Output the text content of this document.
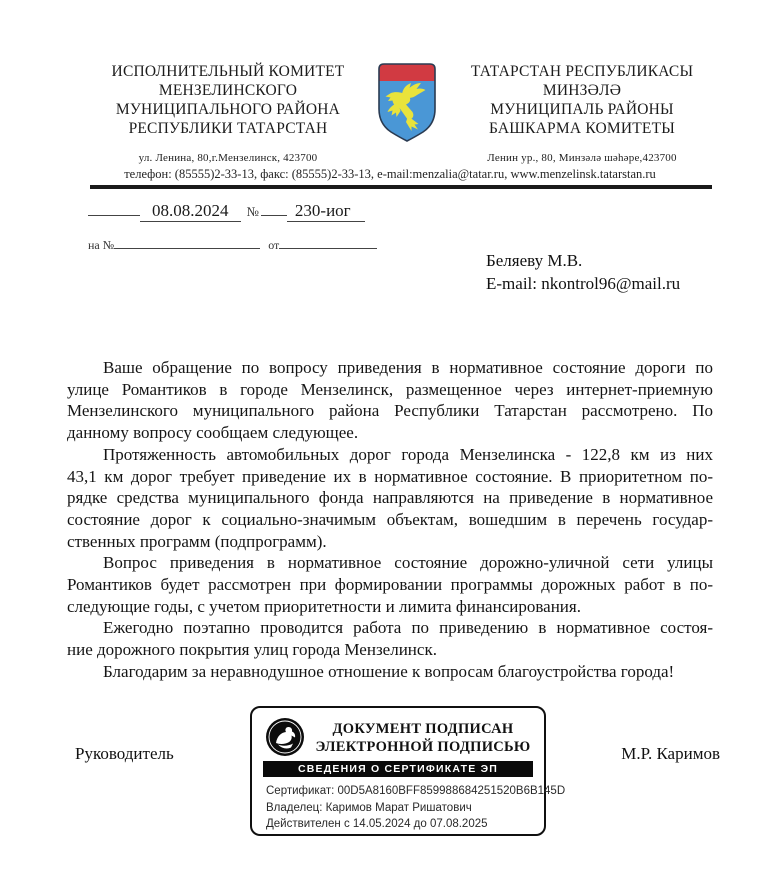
ИСПОЛНИТЕЛЬНЫЙ КОМИТЕТ
МЕНЗЕЛИНСКОГО
МУНИЦИПАЛЬНОГО РАЙОНА
РЕСПУБЛИКИ ТАТАРСТАН
ул. Ленина, 80,г.Мензелинск, 423700
ТАТАРСТАН РЕСПУБЛИКАСЫ
МИНЗӘЛӘ
МУНИЦИПАЛЬ РАЙОНЫ
БАШКАРМА КОМИТЕТЫ
Ленин ур., 80, Минзәлә шәһәре,423700
телефон: (85555)2-33-13, факс: (85555)2-33-13, e-mail:menzalia@tatar.ru, www.menzelinsk.tatarstan.ru
08.08.2024	№	230-иог
на №	от
Беляеву М.В.
E-mail: nkontrol96@mail.ru
Ваше обращение по вопросу приведения в нормативное состояние дороги по
улице Романтиков в городе Мензелинск, размещенное через интернет-приемную
Мензелинского муниципального района Республики Татарстан рассмотрено. По
данному вопросу сообщаем следующее.
Протяженность автомобильных дорог города Мензелинска - 122,8 км из них
43,1 км дорог требует приведение их в нормативное состояние. В приоритетном по-
рядке средства муниципального фонда направляются на приведение в нормативное
состояние дорог к социально-значимым объектам, вошедшим в перечень государ-
ственных программ (подпрограмм).
Вопрос приведения в нормативное состояние дорожно-уличной сети улицы
Романтиков будет рассмотрен при формировании программы дорожных работ в по-
следующие годы, с учетом приоритетности и лимита финансирования.
Ежегодно поэтапно проводится работа по приведению в нормативное состоя-
ние дорожного покрытия улиц города Мензелинск.
Благодарим за неравнодушное отношение к вопросам благоустройства города!
Руководитель	М.Р. Каримов
ДОКУМЕНТ ПОДПИСАН
ЭЛЕКТРОННОЙ ПОДПИСЬЮ
СВЕДЕНИЯ О СЕРТИФИКАТЕ ЭП
Сертификат: 00D5A8160BFF859988684251520B6B145D
Владелец: Каримов Марат Ришатович
Действителен с 14.05.2024 до 07.08.2025
